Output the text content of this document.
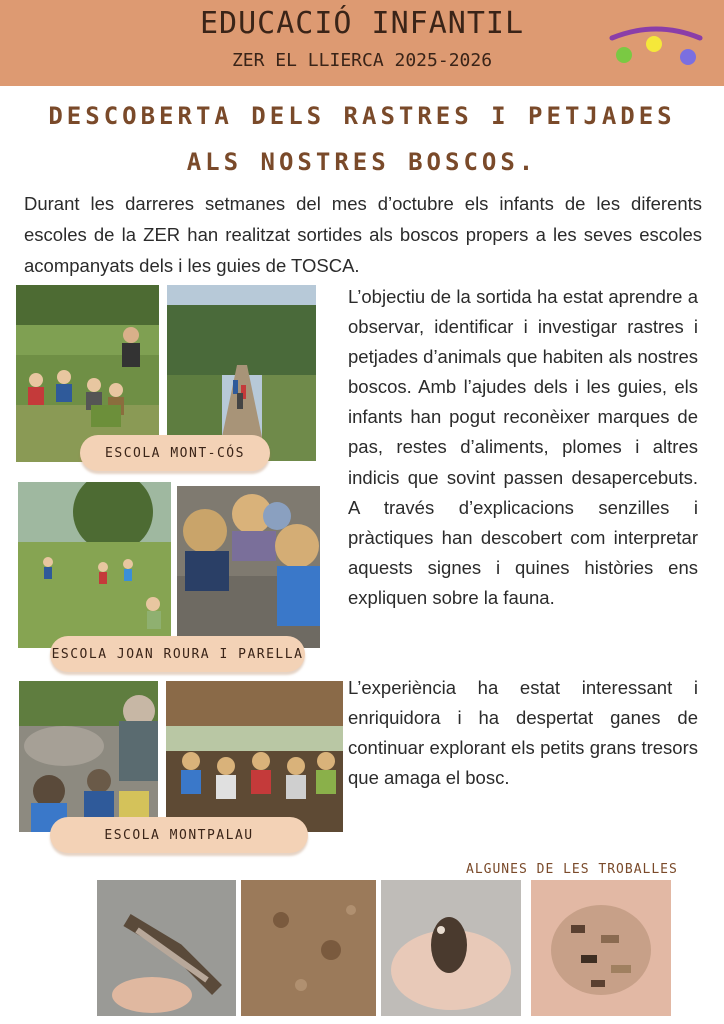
EDUCACIÓ INFANTIL
ZER EL LLIERCA 2025-2026
DESCOBERTA DELS RASTRES I PETJADES ALS NOSTRES BOSCOS.

Durant les darreres setmanes del mes d’octubre els infants de les diferents escoles de la ZER han realitzat sortides als boscos propers a les seves escoles acompanyats dels i les guies de TOSCA.

ESCOLA MONT-CÓS
ESCOLA JOAN ROURA I PARELLA
ESCOLA MONTPALAU

L’objectiu de la sortida ha estat aprendre a observar, identificar i investigar rastres i petjades d’animals que habiten als nostres boscos. Amb l’ajudes dels i les guies, els infants han pogut reconèixer marques de pas, restes d’aliments, plomes i altres indicis que sovint passen desapercebuts. A través d’explicacions senzilles i pràctiques han descobert com interpretar aquests signes i quines històries ens expliquen sobre la fauna.

L’experiència ha estat interessant i enriquidora i ha despertat ganes de continuar explorant els petits grans tresors que amaga el bosc.

ALGUNES DE LES TROBALLES
